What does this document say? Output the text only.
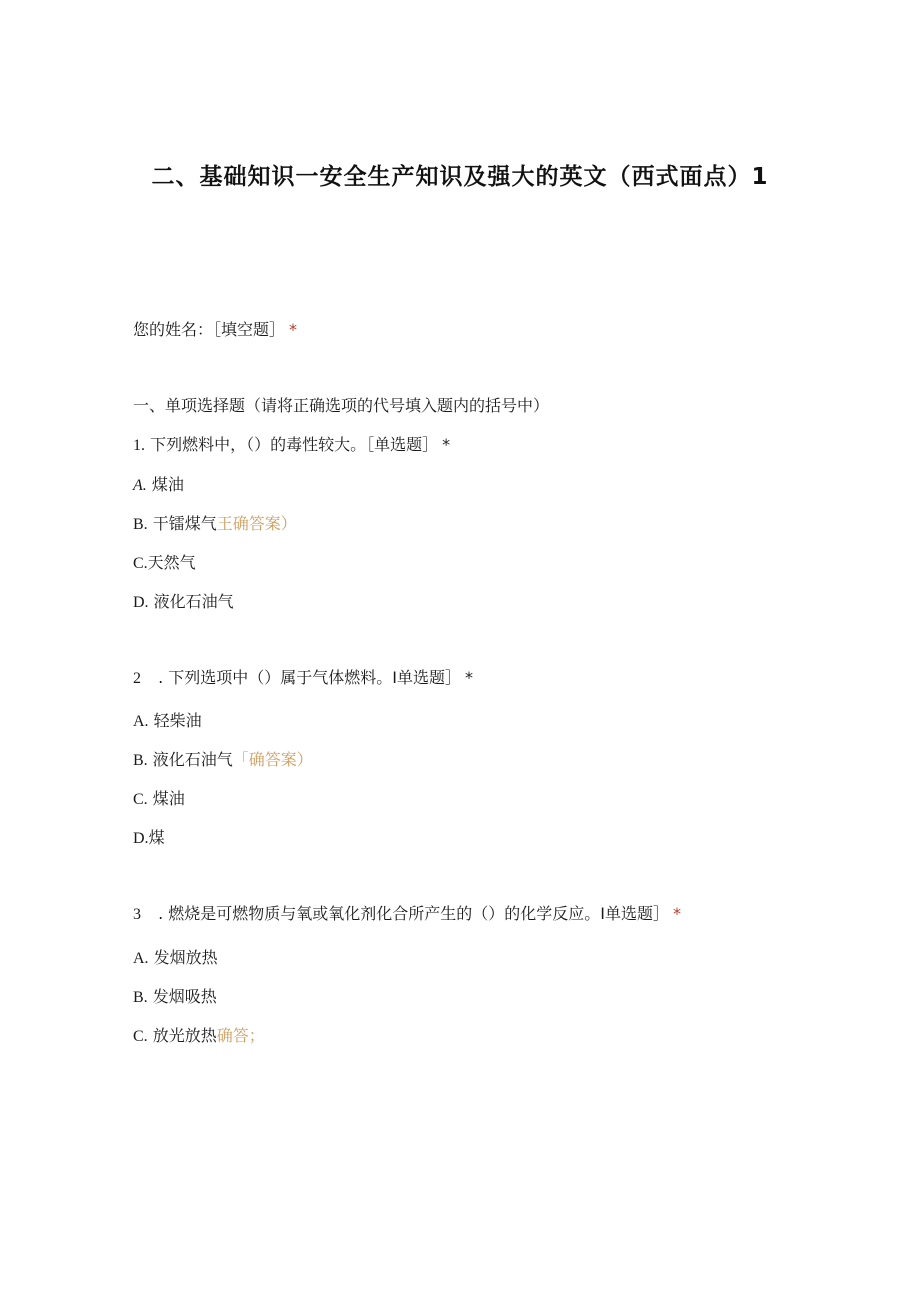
二、基础知识一安全生产知识及强大的英文（西式面点）1
您的姓名：［填空题］ *
一、单项选择题（请将正确选项的代号填入题内的括号中）
1. 下列燃料中，（）的毒性较大。［单选题］ *
A. 煤油
B. 干镭煤气王确答案）
C.天然气
D. 液化石油气
2 . 下列选项中（）属于气体燃料。I单选题］ *
A. 轻柴油
B. 液化石油气「确答案）
C. 煤油
D.煤
3 . 燃烧是可燃物质与氧或氧化剂化合所产生的（）的化学反应。I单选题］ *
A. 发烟放热
B. 发烟吸热
C. 放光放热确答；
